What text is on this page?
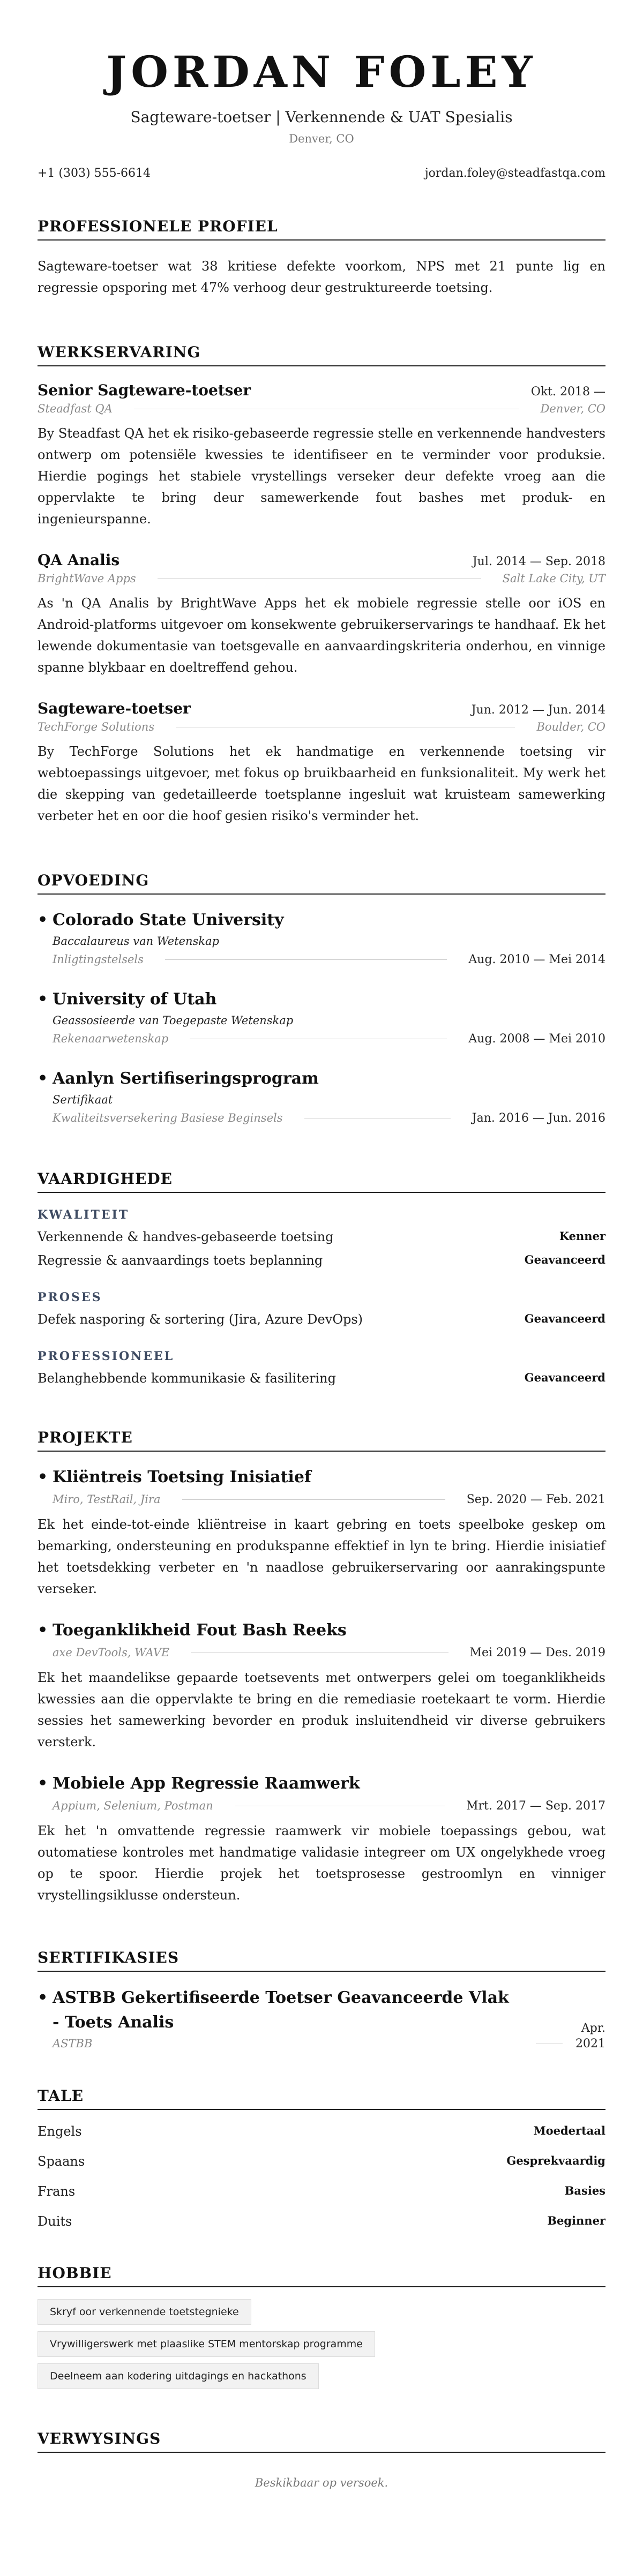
JORDAN FOLEY
Sagteware-toetser | Verkennende & UAT Spesialis
Denver, CO
+1 (303) 555-6614	jordan.foley@steadfastqa.com
PROFESSIONELE PROFIEL

Sagteware-toetser wat 38 kritiese defekte voorkom, NPS met 21 punte lig en regressie opsporing met 47% verhoog deur gestruktureerde toetsing.

WERKSERVARING
Senior Sagteware-toetser	Okt. 2018 —
Steadfast QA	Denver, CO

By Steadfast QA het ek risiko-gebaseerde regressie stelle en verkennende handvesters ontwerp om potensiële kwessies te identifiseer en te verminder voor produksie. Hierdie pogings het stabiele vrystellings verseker deur defekte vroeg aan die oppervlakte te bring deur samewerkende fout bashes met produk- en ingenieurspanne.

QA Analis	Jul. 2014 — Sep. 2018
BrightWave Apps	Salt Lake City, UT

As 'n QA Analis by BrightWave Apps het ek mobiele regressie stelle oor iOS en Android-platforms uitgevoer om konsekwente gebruikerservarings te handhaaf. Ek het lewende dokumentasie van toetsgevalle en aanvaardingskriteria onderhou, en vinnige spanne blykbaar en doeltreffend gehou.

Sagteware-toetser	Jun. 2012 — Jun. 2014
TechForge Solutions	Boulder, CO

By TechForge Solutions het ek handmatige en verkennende toetsing vir webtoepassings uitgevoer, met fokus op bruikbaarheid en funksionaliteit. My werk het die skepping van gedetailleerde toetsplanne ingesluit wat kruisteam samewerking verbeter het en oor die hoof gesien risiko's verminder het.

OPVOEDING
• Colorado State University
Baccalaureus van Wetenskap
Inligtingstelsels	Aug. 2010 — Mei 2014
• University of Utah
Geassosieerde van Toegepaste Wetenskap
Rekenaarwetenskap	Aug. 2008 — Mei 2010
• Aanlyn Sertifiseringsprogram
Sertifikaat
Kwaliteitsversekering Basiese Beginsels	Jan. 2016 — Jun. 2016
VAARDIGHEDE
KWALITEIT
Verkennende & handves-gebaseerde toetsing	Kenner
Regressie & aanvaardings toets beplanning	Geavanceerd
PROSES
Defek nasporing & sortering (Jira, Azure DevOps)	Geavanceerd
PROFESSIONEEL
Belanghebbende kommunikasie & fasilitering	Geavanceerd
PROJEKTE
• Kliëntreis Toetsing Inisiatief
Miro, TestRail, Jira	Sep. 2020 — Feb. 2021

Ek het einde-tot-einde kliëntreise in kaart gebring en toets speelboke geskep om bemarking, ondersteuning en produkspanne effektief in lyn te bring. Hierdie inisiatief het toetsdekking verbeter en 'n naadlose gebruikerservaring oor aanrakingspunte verseker.

• Toeganklikheid Fout Bash Reeks
axe DevTools, WAVE	Mei 2019 — Des. 2019

Ek het maandelikse gepaarde toetsevents met ontwerpers gelei om toeganklikheids kwessies aan die oppervlakte te bring en die remediasie roetekaart te vorm. Hierdie sessies het samewerking bevorder en produk insluitendheid vir diverse gebruikers versterk.

• Mobiele App Regressie Raamwerk
Appium, Selenium, Postman	Mrt. 2017 — Sep. 2017

Ek het 'n omvattende regressie raamwerk vir mobiele toepassings gebou, wat outomatiese kontroles met handmatige validasie integreer om UX ongelykhede vroeg op te spoor. Hierdie projek het toetsprosesse gestroomlyn en vinniger vrystellingsiklusse ondersteun.

SERTIFIKASIES
• ASTBB Gekertifiseerde Toetser Geavanceerde Vlak - Toets Analis	Apr.
ASTBB	2021
TALE
Engels	Moedertaal
Spaans	Gesprekvaardig
Frans	Basies
Duits	Beginner
HOBBIE
Skryf oor verkennende toetstegnieke
Vrywilligerswerk met plaaslike STEM mentorskap programme
Deelneem aan kodering uitdagings en hackathons
VERWYSINGS
Beskikbaar op versoek.
